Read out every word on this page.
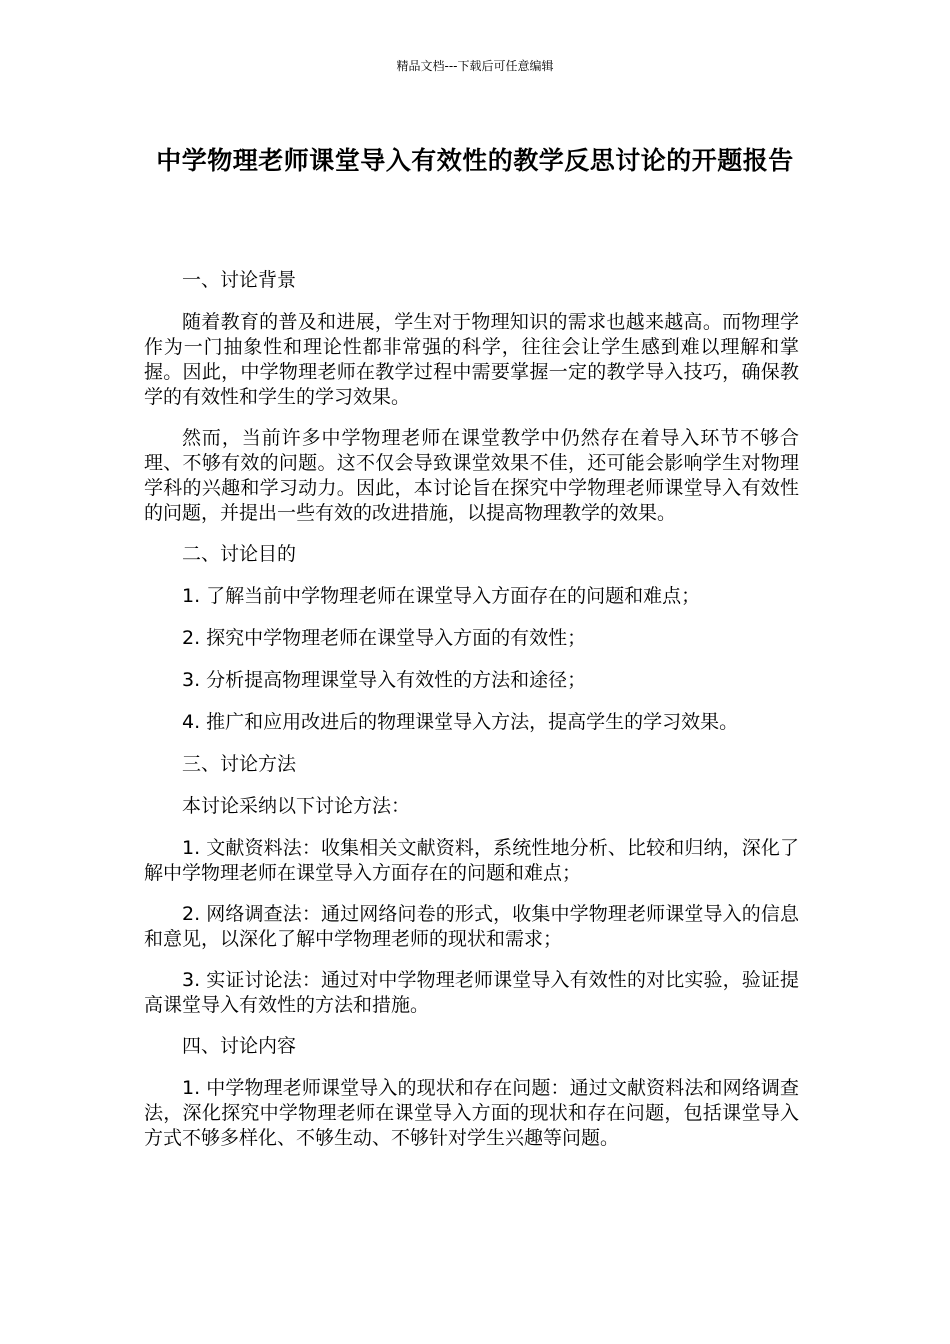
精品文档---下载后可任意编辑
中学物理老师课堂导入有效性的教学反思讨论的开题报告

一、讨论背景

随着教育的普及和进展，学生对于物理知识的需求也越来越高。而物理学作为一门抽象性和理论性都非常强的科学，往往会让学生感到难以理解和掌握。因此，中学物理老师在教学过程中需要掌握一定的教学导入技巧，确保教学的有效性和学生的学习效果。

然而，当前许多中学物理老师在课堂教学中仍然存在着导入环节不够合理、不够有效的问题。这不仅会导致课堂效果不佳，还可能会影响学生对物理学科的兴趣和学习动力。因此，本讨论旨在探究中学物理老师课堂导入有效性的问题，并提出一些有效的改进措施，以提高物理教学的效果。

二、讨论目的

1. 了解当前中学物理老师在课堂导入方面存在的问题和难点；

2. 探究中学物理老师在课堂导入方面的有效性；

3. 分析提高物理课堂导入有效性的方法和途径；

4. 推广和应用改进后的物理课堂导入方法，提高学生的学习效果。

三、讨论方法

本讨论采纳以下讨论方法：

1. 文献资料法：收集相关文献资料，系统性地分析、比较和归纳，深化了解中学物理老师在课堂导入方面存在的问题和难点；

2. 网络调查法：通过网络问卷的形式，收集中学物理老师课堂导入的信息和意见，以深化了解中学物理老师的现状和需求；

3. 实证讨论法：通过对中学物理老师课堂导入有效性的对比实验，验证提高课堂导入有效性的方法和措施。

四、讨论内容

1. 中学物理老师课堂导入的现状和存在问题：通过文献资料法和网络调查法，深化探究中学物理老师在课堂导入方面的现状和存在问题，包括课堂导入方式不够多样化、不够生动、不够针对学生兴趣等问题。
